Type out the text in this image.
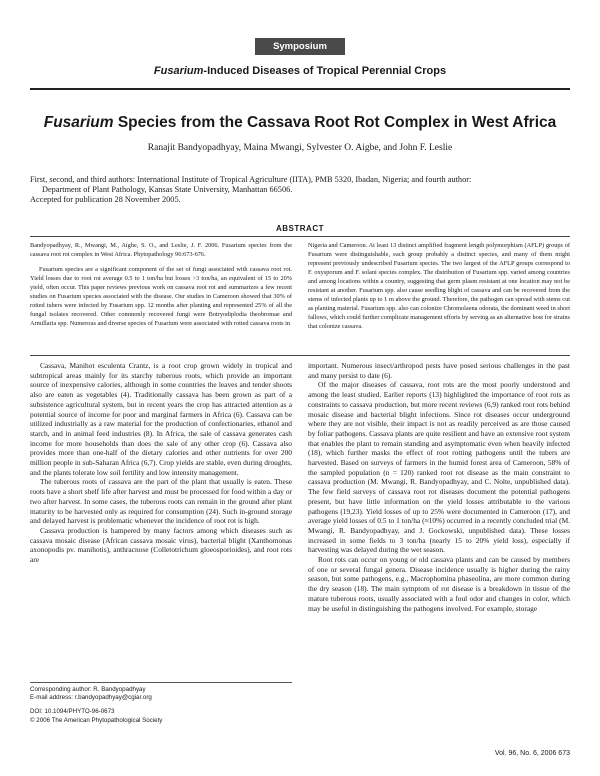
Symposium
Fusarium-Induced Diseases of Tropical Perennial Crops
Fusarium Species from the Cassava Root Rot Complex in West Africa
Ranajit Bandyopadhyay, Maina Mwangi, Sylvester O. Aigbe, and John F. Leslie

First, second, and third authors: International Institute of Tropical Agriculture (IITA), PMB 5320, Ibadan, Nigeria; and fourth author:

Department of Plant Pathology, Kansas State University, Manhattan 66506.

Accepted for publication 28 November 2005.

ABSTRACT

Bandyopadhyay, R., Mwangi, M., Aigbe, S. O., and Leslie, J. F. 2006. Fusarium species from the cassava root rot complex in West Africa. Phytopathology 96:673-676.

Fusarium species are a significant component of the set of fungi associated with cassava root rot. Yield losses due to root rot average 0.5 to 1 ton/ha but losses >3 ton/ha, an equivalent of 15 to 20% yield, often occur. This paper reviews previous work on cassava root rot and summarizes a few recent studies on Fusarium species associated with the disease. Our studies in Cameroon showed that 30% of rotted tubers were infected by Fusarium spp. 12 months after planting and represented 25% of all the fungal isolates recovered. Other commonly recovered fungi were Botryodiplodia theobromae and Armillaria spp. Numerous and diverse species of Fusarium were associated with rotted cassava roots in

Nigeria and Cameroon. At least 13 distinct amplified fragment length polymorphism (AFLP) groups of Fusarium were distinguishable, each group probably a distinct species, and many of them might represent previously undescribed Fusarium species. The two largest of the AFLP groups correspond to F. oxysporum and F. solani species complex. The distribution of Fusarium spp. varied among countries and among locations within a country, suggesting that germ plasm resistant at one location may not be resistant at another. Fusarium spp. also cause seedling blight of cassava and can be recovered from the stems of infected plants up to 1 m above the ground. Therefore, the pathogen can spread with stems cut as planting material. Fusarium spp. also can colonize Chromolaena odorata, the dominant weed in short fallows, which could further complicate management efforts by serving as an alternative host for strains that colonize cassava.

Cassava, Manihot esculenta Crantz, is a root crop grown widely in tropical and subtropical areas mainly for its starchy tuberous roots, which provide an important source of inexpensive calories, although in some countries the leaves and tender shoots also are eaten as vegetables (4). Traditionally cassava has been grown as part of a subsistence agricultural system, but in recent years the crop has attracted attention as a potential source of income for poor and marginal farmers in Africa (6). Cassava can be utilized industrially as a raw material for the production of confectionaries, ethanol and starch, and in animal feed industries (8). In Africa, the sale of cassava generates cash income for more households than does the sale of any other crop (6). Cassava also provides more than one-half of the dietary calories and other nutrients for over 200 million people in sub-Saharan Africa (6,7). Crop yields are stable, even during droughts, and the plants tolerate low soil fertility and low intensity management.

The tuberous roots of cassava are the part of the plant that usually is eaten. These roots have a short shelf life after harvest and must be processed for food within a day or two after harvest. In some cases, the tuberous roots can remain in the ground after plant maturity to be harvested only as required for consumption (24). Such in-ground storage and delayed harvest is problematic whenever the incidence of root rot is high.

Cassava production is hampered by many factors among which diseases such as cassava mosaic disease (African cassava mosaic virus), bacterial blight (Xanthomonas axonopodis pv. manihotis), anthracnose (Colletotrichum gloeosporioides), and root rots are

Corresponding author: R. Bandyopadhyay

E-mail address: r.bandyopadhyay@cgiar.org

DOI: 10.1094/PHYTO-96-0673

© 2006 The American Phytopathological Society

important. Numerous insect/arthropod pests have posed serious challenges in the past and many persist to date (6).

Of the major diseases of cassava, root rots are the most poorly understood and among the least studied. Earlier reports (13) highlighted the importance of root rots as constraints to cassava production, but more recent reviews (6,9) ranked root rots behind mosaic disease and bacterial blight infections. Since rot diseases occur underground where they are not visible, their impact is not as readily perceived as are those caused by foliar pathogens. Cassava plants are quite resilient and have an extensive root system that enables the plant to remain standing and asymptomatic even when heavily infected (18), which further masks the effect of root rotting pathogens until the tubers are harvested. Based on surveys of farmers in the humid forest area of Cameroon, 58% of the sampled population (n = 120) ranked root rot disease as the main constraint to cassava production (M. Mwangi, R. Bandyopadhyay, and C. Nolte, unpublished data). The few field surveys of cassava root rot diseases document the potential pathogens present, but have little information on the yield losses attributable to the various pathogens (19,23). Yield losses of up to 25% were documented in Cameroon (17), and average yield losses of 0.5 to 1 ton/ha (≈10%) occurred in a recently concluded trial (M. Mwangi, R. Bandyopadhyay, and J. Gockowski, unpublished data). These losses increased in some fields to 3 ton/ha (nearly 15 to 20% yield loss), especially if harvesting was delayed during the wet season.

Root rots can occur on young or old cassava plants and can be caused by members of one or several fungal genera. Disease incidence usually is higher during the rainy season, but some pathogens, e.g., Macrophomina phaseolina, are more common during the dry season (18). The main symptom of rot disease is a breakdown in tissue of the mature tuberous roots, usually associated with a foul odor and changes in color, which may be useful in distinguishing the pathogens involved. For example, storage

Vol. 96, No. 6, 2006 673
